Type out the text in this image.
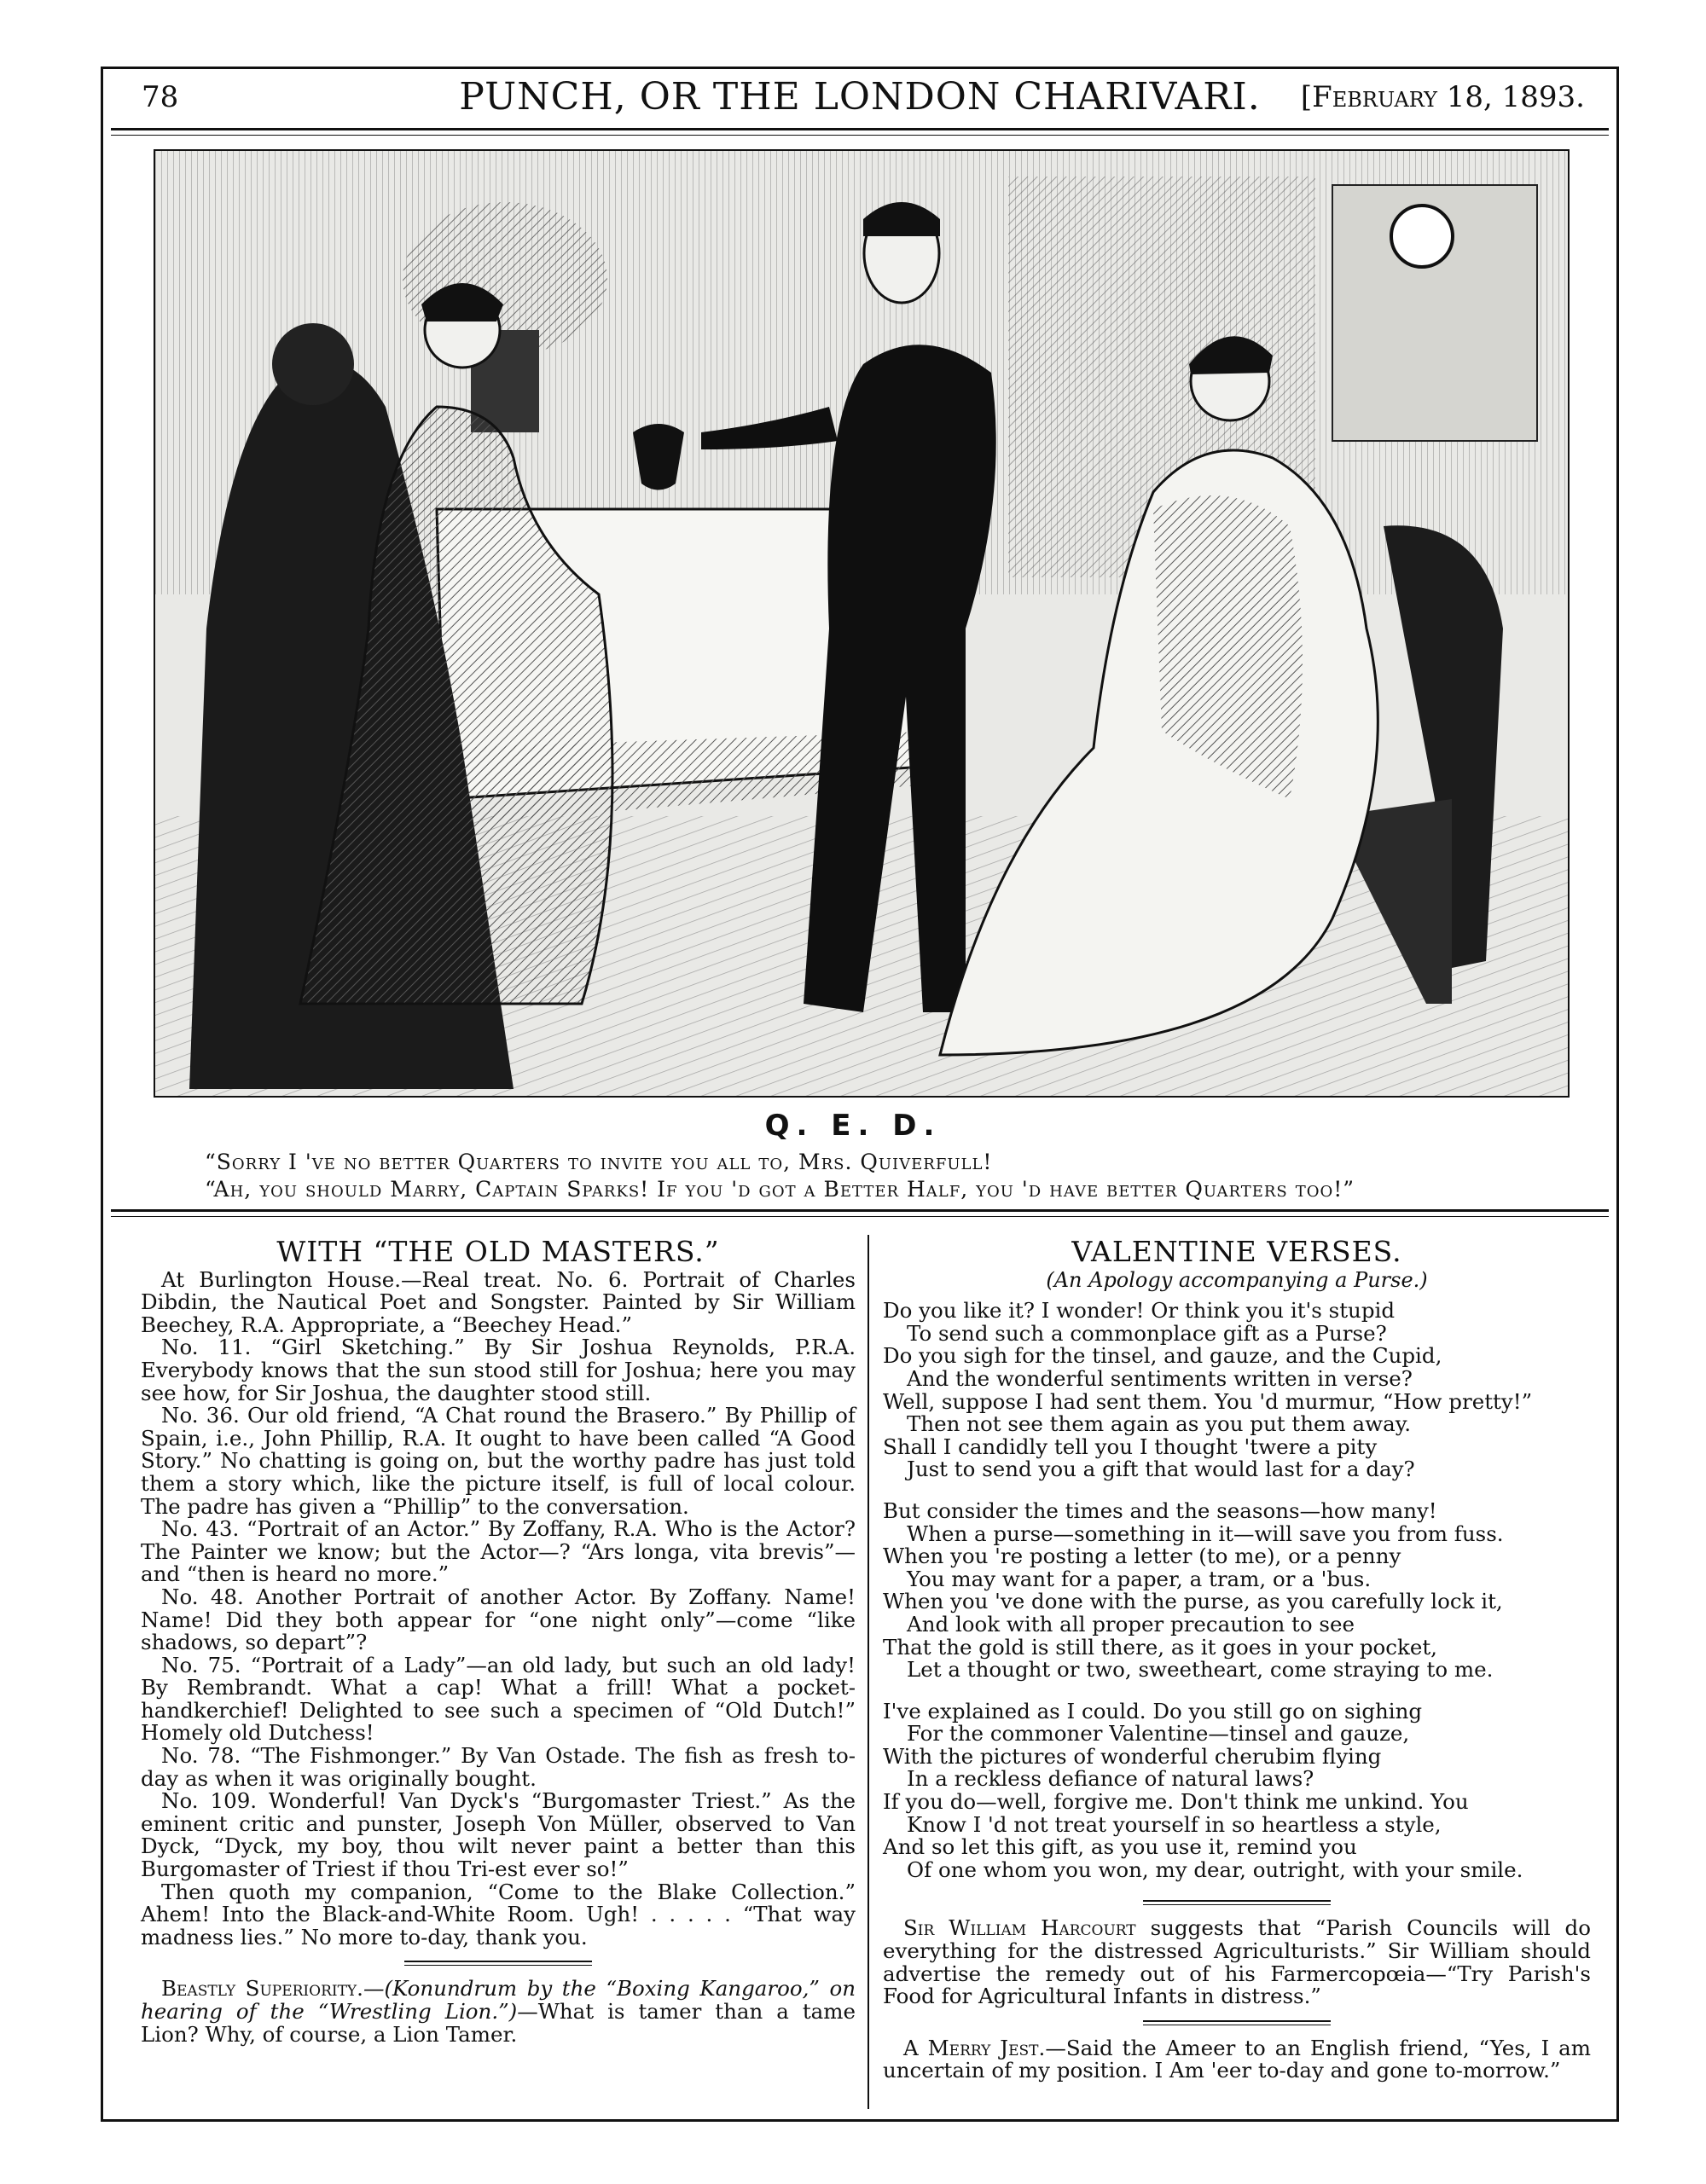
78	PUNCH, OR THE LONDON CHARIVARI.	[February 18, 1893.
Q. E. D.
“Sorry I 've no better Quarters to invite you all to, Mrs. Quiverfull!
“Ah, you should Marry, Captain Sparks! If you 'd got a Better Half, you 'd have better Quarters too!”
WITH “THE OLD MASTERS.”

At Burlington House.—Real treat. No. 6. Portrait of Charles Dibdin, the Nautical Poet and Songster. Painted by Sir William Beechey, R.A. Appropriate, a “Beechey Head.”

No. 11. “Girl Sketching.” By Sir Joshua Reynolds, P.R.A. Everybody knows that the sun stood still for Joshua; here you may see how, for Sir Joshua, the daughter stood still.

No. 36. Our old friend, “A Chat round the Brasero.” By Phillip of Spain, i.e., John Phillip, R.A. It ought to have been called “A Good Story.” No chatting is going on, but the worthy padre has just told them a story which, like the picture itself, is full of local colour. The padre has given a “Phillip” to the conversation.

No. 43. “Portrait of an Actor.” By Zoffany, R.A. Who is the Actor? The Painter we know; but the Actor—? “Ars longa, vita brevis”—and “then is heard no more.”

No. 48. Another Portrait of another Actor. By Zoffany. Name! Name! Did they both appear for “one night only”—come “like shadows, so depart”?

No. 75. “Portrait of a Lady”—an old lady, but such an old lady! By Rembrandt. What a cap! What a frill! What a pocket-handkerchief! Delighted to see such a specimen of “Old Dutch!” Homely old Dutchess!

No. 78. “The Fishmonger.” By Van Ostade. The fish as fresh to-day as when it was originally bought.

No. 109. Wonderful! Van Dyck's “Burgomaster Triest.” As the eminent critic and punster, Joseph Von Müller, observed to Van Dyck, “Dyck, my boy, thou wilt never paint a better than this Burgomaster of Triest if thou Tri-est ever so!”

Then quoth my companion, “Come to the Blake Collection.” Ahem! Into the Black-and-White Room. Ugh! . . . . . “That way madness lies.” No more to-day, thank you.

Beastly Superiority.—(Konundrum by the “Boxing Kangaroo,” on hearing of the “Wrestling Lion.”)—What is tamer than a tame Lion? Why, of course, a Lion Tamer.

VALENTINE VERSES.
(An Apology accompanying a Purse.)

Do you like it? I wonder! Or think you it's stupid

To send such a commonplace gift as a Purse?

Do you sigh for the tinsel, and gauze, and the Cupid,

And the wonderful sentiments written in verse?

Well, suppose I had sent them. You 'd murmur, “How pretty!”

Then not see them again as you put them away.

Shall I candidly tell you I thought 'twere a pity

Just to send you a gift that would last for a day?

But consider the times and the seasons—how many!

When a purse—something in it—will save you from fuss.

When you 're posting a letter (to me), or a penny

You may want for a paper, a tram, or a 'bus.

When you 've done with the purse, as you carefully lock it,

And look with all proper precaution to see

That the gold is still there, as it goes in your pocket,

Let a thought or two, sweetheart, come straying to me.

I've explained as I could. Do you still go on sighing

For the commoner Valentine—tinsel and gauze,

With the pictures of wonderful cherubim flying

In a reckless defiance of natural laws?

If you do—well, forgive me. Don't think me unkind. You

Know I 'd not treat yourself in so heartless a style,

And so let this gift, as you use it, remind you

Of one whom you won, my dear, outright, with your smile.

Sir William Harcourt suggests that “Parish Councils will do everything for the distressed Agriculturists.” Sir William should advertise the remedy out of his Farmercopœia—“Try Parish's Food for Agricultural Infants in distress.”

A Merry Jest.—Said the Ameer to an English friend, “Yes, I am uncertain of my position. I Am 'eer to-day and gone to-morrow.”
